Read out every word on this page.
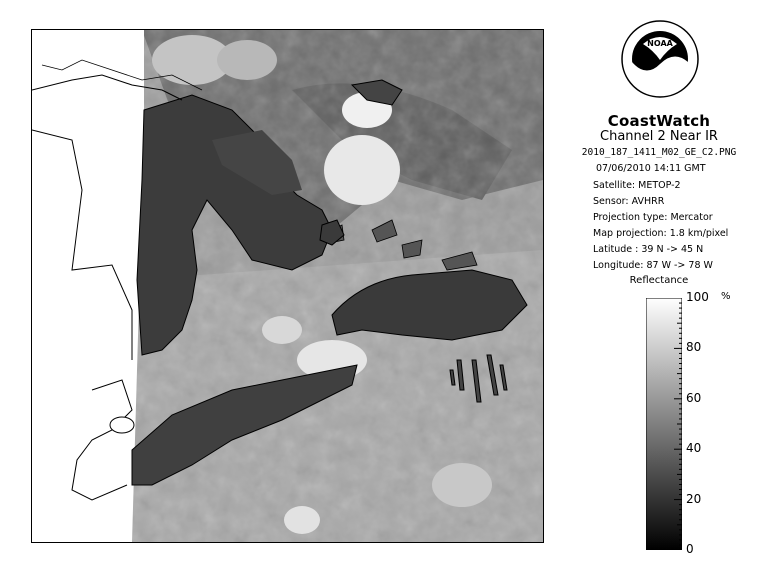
NOAA
CoastWatch
Channel 2 Near IR
2010_187_1411_M02_GE_C2.PNG
07/06/2010 14:11 GMT
Satellite: METOP-2
Sensor: AVHRR
Projection type: Mercator
Map projection: 1.8 km/pixel
Latitude : 39 N -> 45 N
Longitude: 87 W -> 78 W
Reflectance
%
100
80
60
40
20
0
